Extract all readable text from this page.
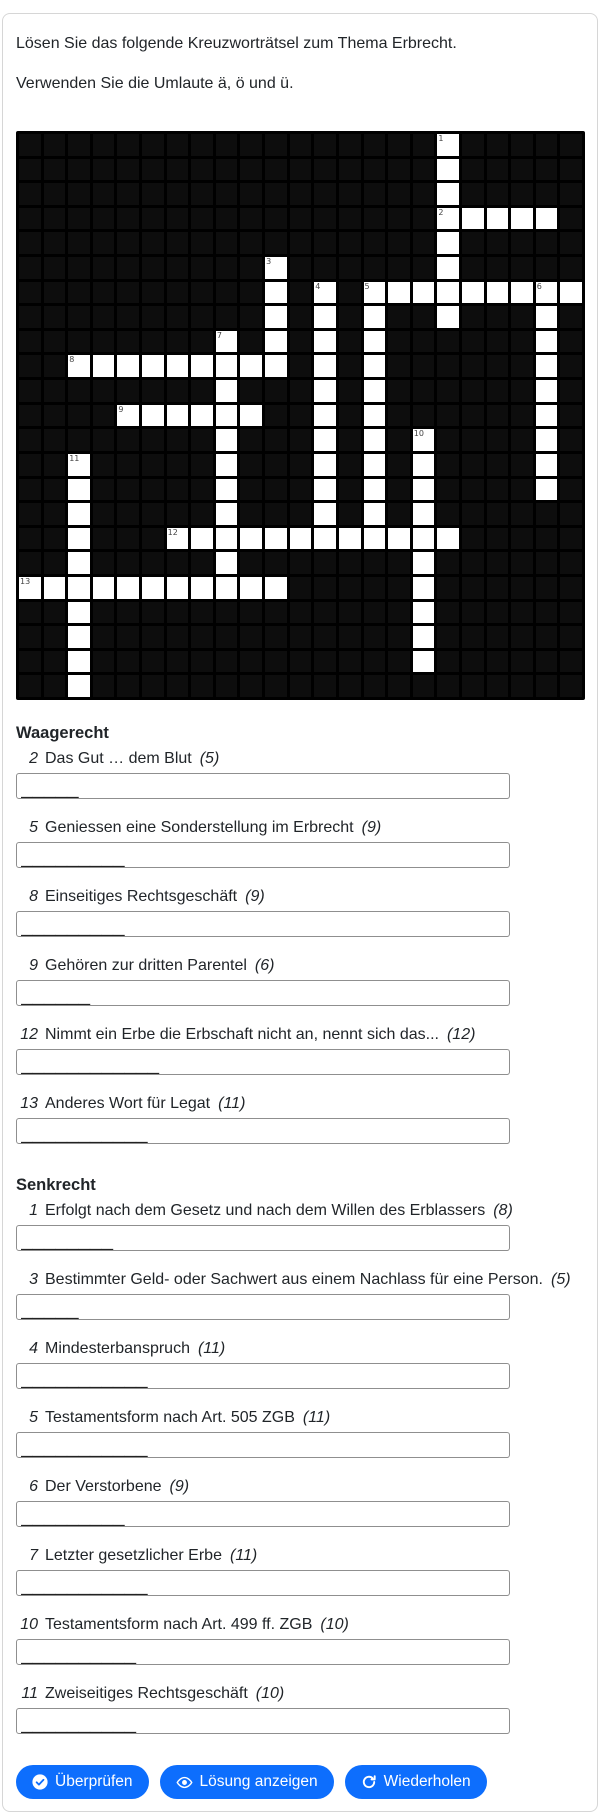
Lösen Sie das folgende Kreuzworträtsel zum Thema Erbrecht.

Verwenden Sie die Umlaute ä, ö und ü.

1
2
3
4	5	6
7
8
9
10
11
12
13
Waagerecht
2 Das Gut … dem Blut (5)
_____
5 Geniessen eine Sonderstellung im Erbrecht (9)
_________
8 Einseitiges Rechtsgeschäft (9)
_________
9 Gehören zur dritten Parentel (6)
______
12 Nimmt ein Erbe die Erbschaft nicht an, nennt sich das... (12)
____________
13 Anderes Wort für Legat (11)
___________
Senkrecht
1 Erfolgt nach dem Gesetz und nach dem Willen des Erblassers (8)
________
3 Bestimmter Geld- oder Sachwert aus einem Nachlass für eine Person. (5)
_____
4 Mindesterbanspruch (11)
___________
5 Testamentsform nach Art. 505 ZGB (11)
___________
6 Der Verstorbene (9)
_________
7 Letzter gesetzlicher Erbe (11)
___________
10 Testamentsform nach Art. 499 ff. ZGB (10)
__________
11 Zweiseitiges Rechtsgeschäft (10)
__________
Überprüfen	Lösung anzeigen	Wiederholen
